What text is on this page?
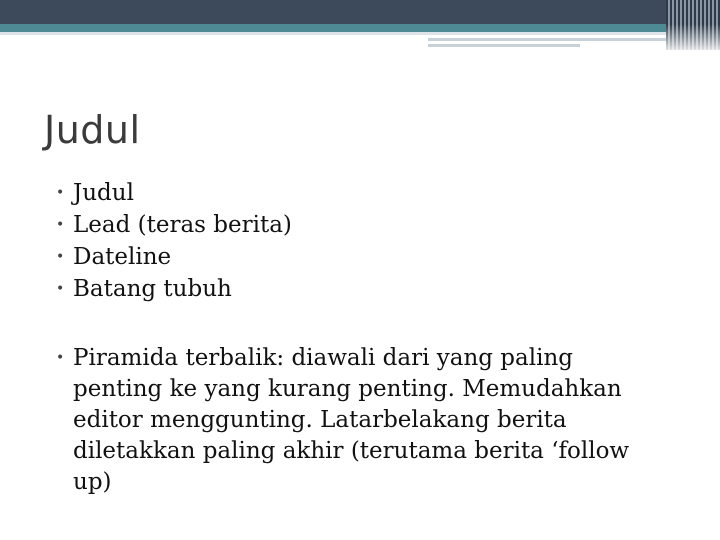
Judul
• Judul
• Lead (teras berita)
• Dateline
• Batang tubuh
• Piramida terbalik: diawali dari yang paling penting ke yang kurang penting. Memudahkan editor menggunting. Latarbelakang berita diletakkan paling akhir (terutama berita ‘follow up)
